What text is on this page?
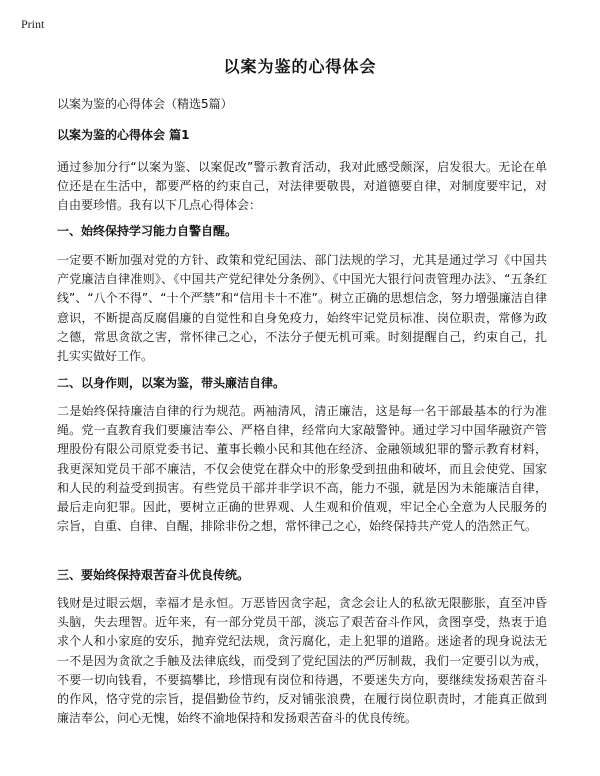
Print
以案为鉴的心得体会
以案为鉴的心得体会（精选5篇）
以案为鉴的心得体会 篇1

通过参加分行“以案为鉴、以案促改”警示教育活动，我对此感受颇深，启发很大。无论在单位还是在生活中，都要严格的约束自己，对法律要敬畏，对道德要自律，对制度要牢记，对自由要珍惜。我有以下几点心得体会：

一、始终保持学习能力自警自醒。

一定要不断加强对党的方针、政策和党纪国法、部门法规的学习，尤其是通过学习《中国共产党廉洁自律准则》、《中国共产党纪律处分条例》、《中国光大银行问责管理办法》、“五条红线”、“八个不得”、“十个严禁”和“信用卡十不准”。树立正确的思想信念，努力增强廉洁自律意识，不断提高反腐倡廉的自觉性和自身免疫力，始终牢记党员标准、岗位职责，常修为政之德，常思贪欲之害，常怀律己之心，不法分子便无机可乘。时刻提醒自己，约束自己，扎扎实实做好工作。

二、以身作则，以案为鉴，带头廉洁自律。

二是始终保持廉洁自律的行为规范。两袖清风，清正廉洁，这是每一名干部最基本的行为准绳。党一直教育我们要廉洁奉公、严格自律，经常向大家敲警钟。通过学习中国华融资产管理股份有限公司原党委书记、董事长赖小民和其他在经济、金融领域犯罪的警示教育材料，我更深知党员干部不廉洁，不仅会使党在群众中的形象受到扭曲和破坏，而且会使党、国家和人民的利益受到损害。有些党员干部并非学识不高，能力不强，就是因为未能廉洁自律，最后走向犯罪。因此，要树立正确的世界观、人生观和价值观，牢记全心全意为人民服务的宗旨，自重、自律、自醒，排除非份之想，常怀律己之心，始终保持共产党人的浩然正气。

三、要始终保持艰苦奋斗优良传统。

钱财是过眼云烟，幸福才是永恒。万恶皆因贪字起，贪念会让人的私欲无限膨胀，直至冲昏头脑，失去理智。近年来，有一部分党员干部，淡忘了艰苦奋斗作风，贪图享受，热衷于追求个人和小家庭的安乐，抛弃党纪法规，贪污腐化，走上犯罪的道路。迷途者的现身说法无一不是因为贪欲之手触及法律底线，而受到了党纪国法的严厉制裁，我们一定要引以为戒，不要一切向钱看，不要搞攀比，珍惜现有岗位和待遇，不要迷失方向，要继续发扬艰苦奋斗的作风，恪守党的宗旨，提倡勤俭节约，反对铺张浪费，在履行岗位职责时，才能真正做到廉洁奉公，问心无愧，始终不渝地保持和发扬艰苦奋斗的优良传统。
